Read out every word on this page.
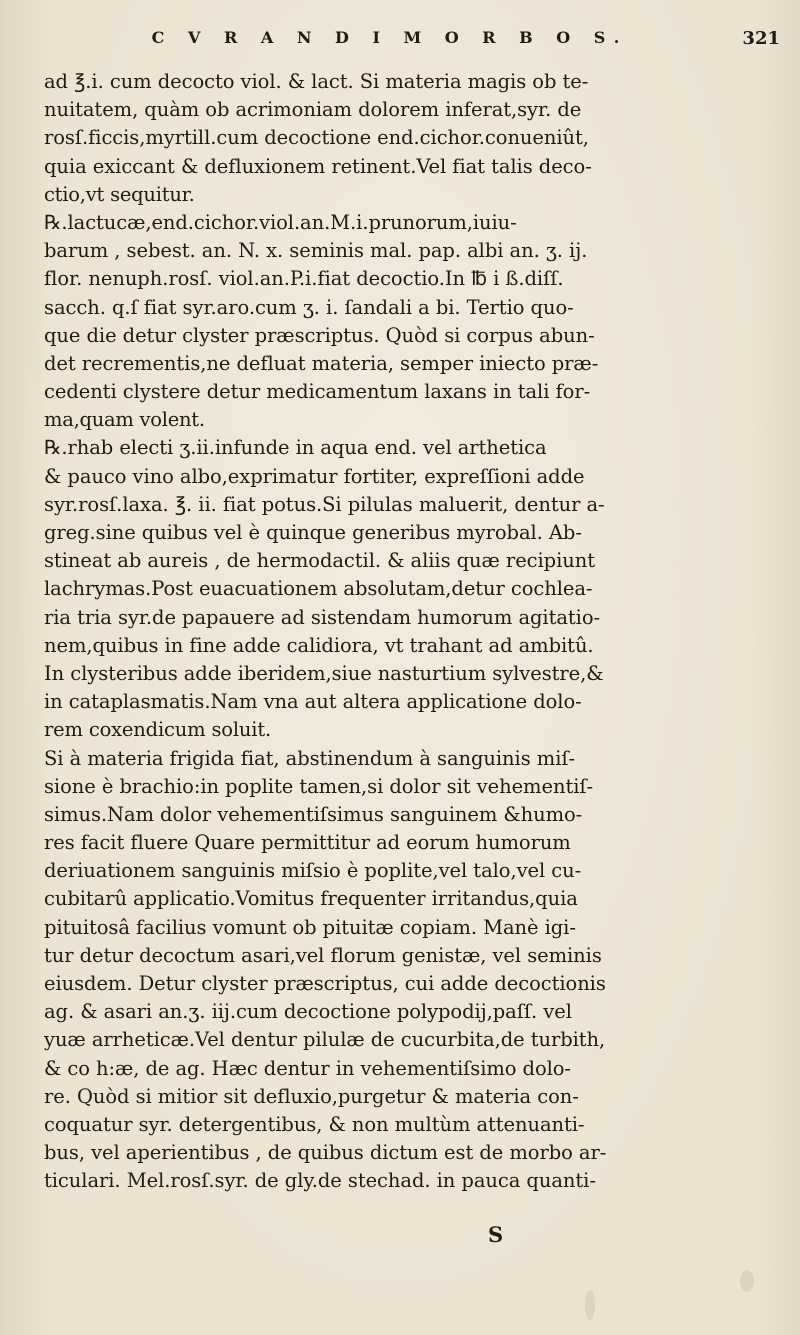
C V R A N D I M O R B O S.	321
ad ℥.i. cum decocto viol. & lact. Si materia magis ob te-
nuitatem, quàm ob acrimoniam dolorem inferat,syr. de
rosſ.ficcis,myrtill.cum decoctione end.cichor.conueniût,
quia exiccant & defluxionem retinent.Vel fiat talis deco-
ctio,vt sequitur.
℞.lactucæ,end.cichor.viol.an.M.i.prunorum,iuiu-
barum , sebest. an. N. x. seminis mal. pap. albi an. ʒ. ij.
flor. nenuph.rosſ. viol.an.P.i.fiat decoctio.In ℔ i ß.diſſ.
sacch. q.ſ fiat syr.aro.cum ʒ. i. ſandali a bi. Tertio quo-
que die detur clyster præscriptus. Quòd si corpus abun-
det recrementis,ne defluat materia, semper iniecto præ-
cedenti clystere detur medicamentum laxans in tali for-
ma,quam volent.
℞.rhab electi ʒ.ii.infunde in aqua end. vel arthetica
& pauco vino albo,exprimatur fortiter, expreſſioni adde
syr.rosſ.laxa. ℥. ii. fiat potus.Si pilulas maluerit, dentur a-
greg.sine quibus vel è quinque generibus myrobal. Ab-
stineat ab aureis , de hermodactil. & aliis quæ recipiunt
lachrymas.Post euacuationem absolutam,detur cochlea-
ria tria syr.de papauere ad sistendam humorum agitatio-
nem,quibus in fine adde calidiora, vt trahant ad ambitû.
In clysteribus adde iberidem,siue nasturtium sylvestre,&
in cataplasmatis.Nam vna aut altera applicatione dolo-
rem coxendicum soluit.
Si à materia frigida fiat, abstinendum à sanguinis miſ-
sione è brachio:in poplite tamen,si dolor sit vehementiſ-
simus.Nam dolor vehementiſsimus sanguinem &humo-
res facit fluere Quare permittitur ad eorum humorum
deriuationem sanguinis miſsio è poplite,vel talo,vel cu-
cubitarû applicatio.Vomitus frequenter irritandus,quia
pituitosâ facilius vomunt ob pituitæ copiam. Manè igi-
tur detur decoctum asari,vel florum genistæ, vel seminis
eiusdem. Detur clyster præscriptus, cui adde decoctionis
ag. & asari an.ʒ. iij.cum decoctione polypodij,paſſ. vel
yuæ arrheticæ.Vel dentur pilulæ de cucurbita,de turbith,
& co h:æ, de ag. Hæc dentur in vehementiſsimo dolo-
re. Quòd si mitior sit defluxio,purgetur & materia con-
coquatur syr. detergentibus, & non multùm attenuanti-
bus, vel aperientibus , de quibus dictum est de morbo ar-
ticulari. Mel.rosſ.syr. de gly.de stechad. in pauca quanti-
S
